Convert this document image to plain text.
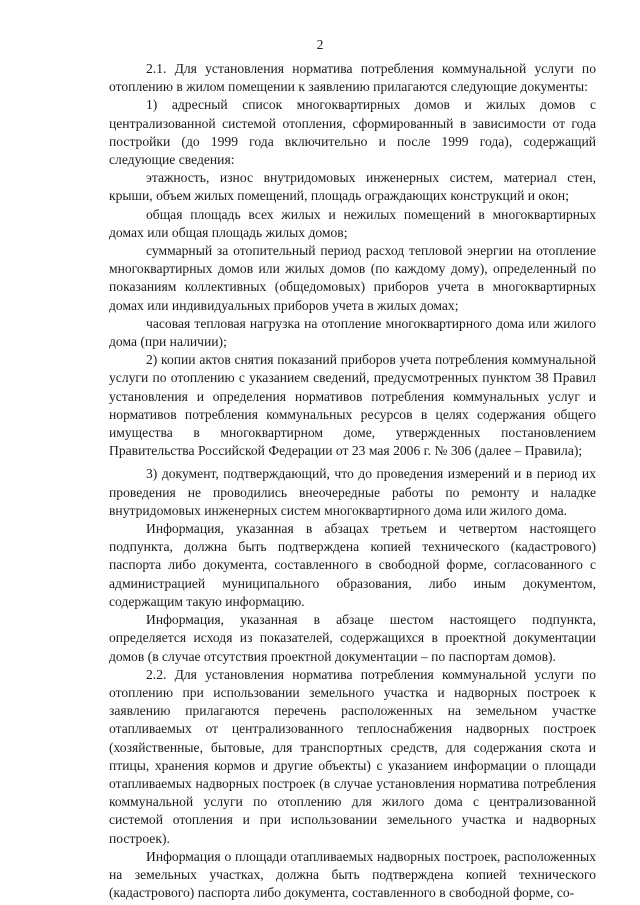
2

2.1. Для установления норматива потребления коммунальной услуги по отоплению в жилом помещении к заявлению прилагаются следующие документы:

1) адресный список многоквартирных домов и жилых домов с централизованной системой отопления, сформированный в зависимости от года постройки (до 1999 года включительно и после 1999 года), содержащий следующие сведения:

этажность, износ внутридомовых инженерных систем, материал стен, крыши, объем жилых помещений, площадь ограждающих конструкций и окон;

общая площадь всех жилых и нежилых помещений в многоквартирных домах или общая площадь жилых домов;

суммарный за отопительный период расход тепловой энергии на отопление многоквартирных домов или жилых домов (по каждому дому), определенный по показаниям коллективных (общедомовых) приборов учета в многоквартирных домах или индивидуальных приборов учета в жилых домах;

часовая тепловая нагрузка на отопление многоквартирного дома или жилого дома (при наличии);

2) копии актов снятия показаний приборов учета потребления коммунальной услуги по отоплению с указанием сведений, предусмотренных пунктом 38 Правил установления и определения нормативов потребления коммунальных услуг и нормативов потребления коммунальных ресурсов в целях содержания общего имущества в многоквартирном доме, утвержденных постановлением Правительства Российской Федерации от 23 мая 2006 г. № 306 (далее – Правила);

3) документ, подтверждающий, что до проведения измерений и в период их проведения не проводились внеочередные работы по ремонту и наладке внутридомовых инженерных систем многоквартирного дома или жилого дома.

Информация, указанная в абзацах третьем и четвертом настоящего подпункта, должна быть подтверждена копией технического (кадастрового) паспорта либо документа, составленного в свободной форме, согласованного с администрацией муниципального образования, либо иным документом, содержащим такую информацию.

Информация, указанная в абзаце шестом настоящего подпункта, определяется исходя из показателей, содержащихся в проектной документации домов (в случае отсутствия проектной документации – по паспортам домов).

2.2. Для установления норматива потребления коммунальной услуги по отоплению при использовании земельного участка и надворных построек к заявлению прилагаются перечень расположенных на земельном участке отапливаемых от централизованного теплоснабжения надворных построек (хозяйственные, бытовые, для транспортных средств, для содержания скота и птицы, хранения кормов и другие объекты) с указанием информации о площади отапливаемых надворных построек (в случае установления норматива потребления коммунальной услуги по отоплению для жилого дома с централизованной системой отопления и при использовании земельного участка и надворных построек).

Информация о площади отапливаемых надворных построек, расположенных на земельных участках, должна быть подтверждена копией технического (кадастрового) паспорта либо документа, составленного в свободной форме, со-
